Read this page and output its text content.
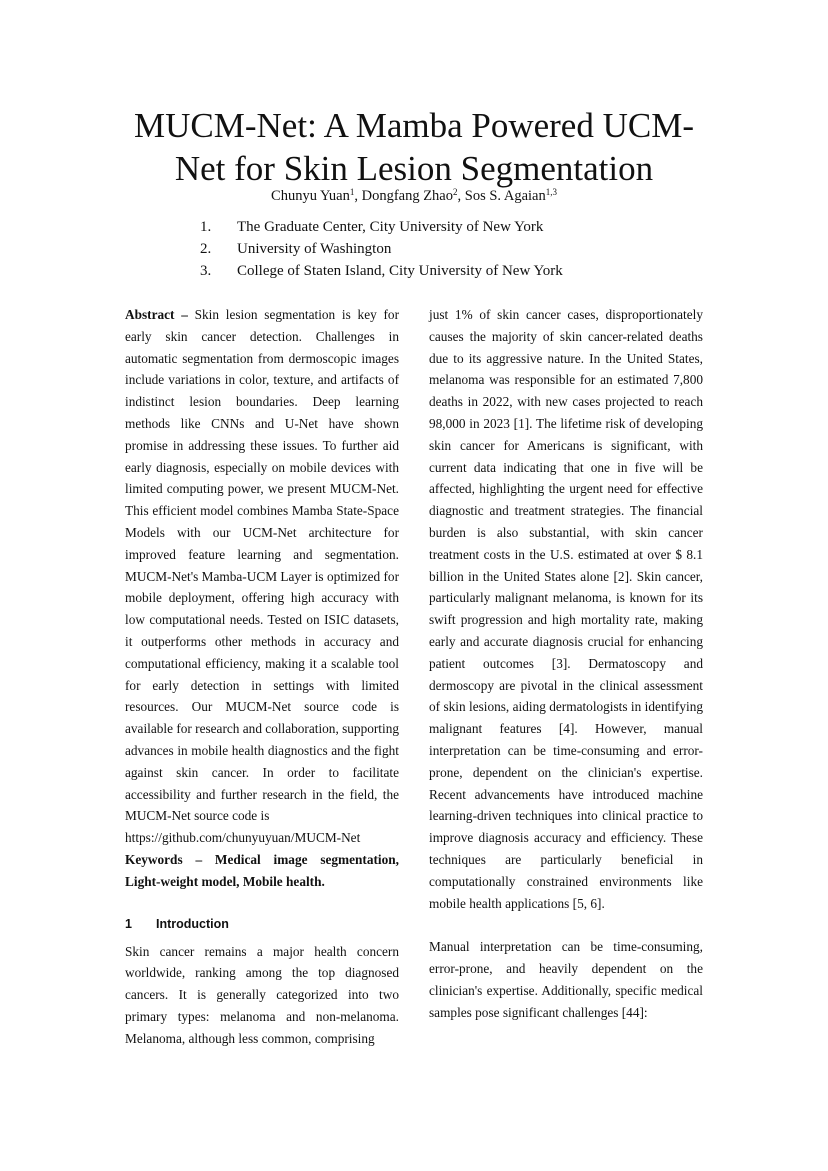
MUCM-Net: A Mamba Powered UCM-
Net for Skin Lesion Segmentation
Chunyu Yuan$^1$, Dongfang Zhao$^2$, Sos S. Agaian$^{1,3}$
1.	The Graduate Center, City University of New York
2.	University of Washington
3.	College of Staten Island, City University of New York

Abstract – Skin lesion segmentation is key for early skin cancer detection. Challenges in automatic segmentation from dermoscopic images include variations in color, texture, and artifacts of indistinct lesion boundaries. Deep learning methods like CNNs and U-Net have shown promise in addressing these issues. To further aid early diagnosis, especially on mobile devices with limited computing power, we present MUCM-Net. This efficient model combines Mamba State-Space Models with our UCM-Net architecture for improved feature learning and segmentation. MUCM-Net's Mamba-UCM Layer is optimized for mobile deployment, offering high accuracy with low computational needs. Tested on ISIC datasets, it outperforms other methods in accuracy and computational efficiency, making it a scalable tool for early detection in settings with limited resources. Our MUCM-Net source code is available for research and collaboration, supporting advances in mobile health diagnostics and the fight against skin cancer. In order to facilitate accessibility and further research in the field, the MUCM-Net source code is

https://github.com/chunyuyuan/MUCM-Net

Keywords – Medical image segmentation, Light-weight model, Mobile health.

1	Introduction

Skin cancer remains a major health concern worldwide, ranking among the top diagnosed cancers. It is generally categorized into two primary types: melanoma and non-melanoma. Melanoma, although less common, comprising

just 1% of skin cancer cases, disproportionately causes the majority of skin cancer-related deaths due to its aggressive nature. In the United States, melanoma was responsible for an estimated 7,800 deaths in 2022, with new cases projected to reach 98,000 in 2023 [1]. The lifetime risk of developing skin cancer for Americans is significant, with current data indicating that one in five will be affected, highlighting the urgent need for effective diagnostic and treatment strategies. The financial burden is also substantial, with skin cancer treatment costs in the U.S. estimated at over $ 8.1 billion in the United States alone [2]. Skin cancer, particularly malignant melanoma, is known for its swift progression and high mortality rate, making early and accurate diagnosis crucial for enhancing patient outcomes [3]. Dermatoscopy and dermoscopy are pivotal in the clinical assessment of skin lesions, aiding dermatologists in identifying malignant features [4]. However, manual interpretation can be time-consuming and error-prone, dependent on the clinician's expertise. Recent advancements have introduced machine learning-driven techniques into clinical practice to improve diagnosis accuracy and efficiency. These techniques are particularly beneficial in computationally constrained environments like mobile health applications [5, 6].

Manual interpretation can be time-consuming, error-prone, and heavily dependent on the clinician's expertise. Additionally, specific medical samples pose significant challenges [44]:
